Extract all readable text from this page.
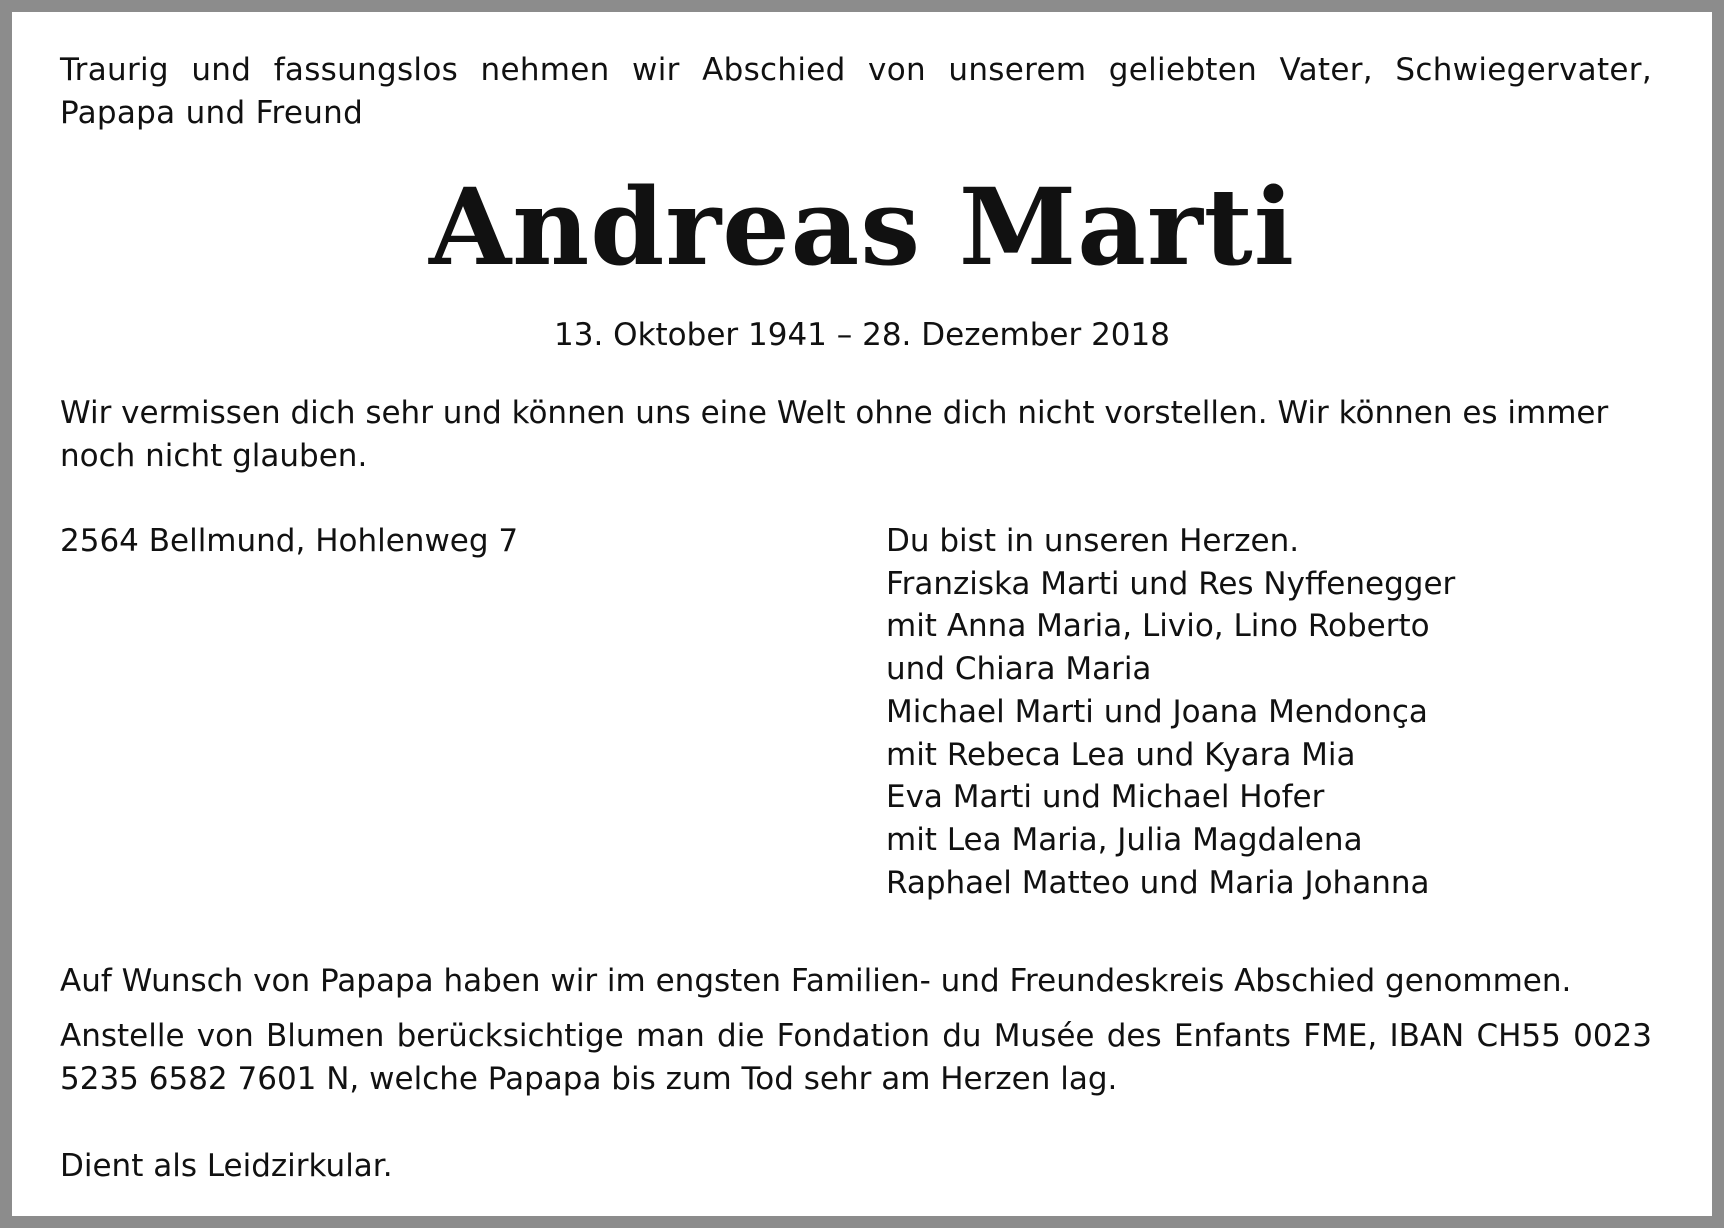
Traurig und fassungslos nehmen wir Abschied von unserem geliebten Vater, Schwiegervater, Papapa und Freund

Andreas Marti

13. Oktober 1941 – 28. Dezember 2018

Wir vermissen dich sehr und können uns eine Welt ohne dich nicht vorstellen. Wir können es immer noch nicht glauben.

2564 Bellmund, Hohlenweg 7	Du bist in unseren Herzen.
Franziska Marti und Res Nyffenegger
mit Anna Maria, Livio, Lino Roberto
und Chiara Maria
Michael Marti und Joana Mendonça
mit Rebeca Lea und Kyara Mia
Eva Marti und Michael Hofer
mit Lea Maria, Julia Magdalena
Raphael Matteo und Maria Johanna

Auf Wunsch von Papapa haben wir im engsten Familien- und Freundeskreis Abschied genommen.

Anstelle von Blumen berücksichtige man die Fondation du Musée des Enfants FME, IBAN CH55 0023 5235 6582 7601 N, welche Papapa bis zum Tod sehr am Herzen lag.

Dient als Leidzirkular.
